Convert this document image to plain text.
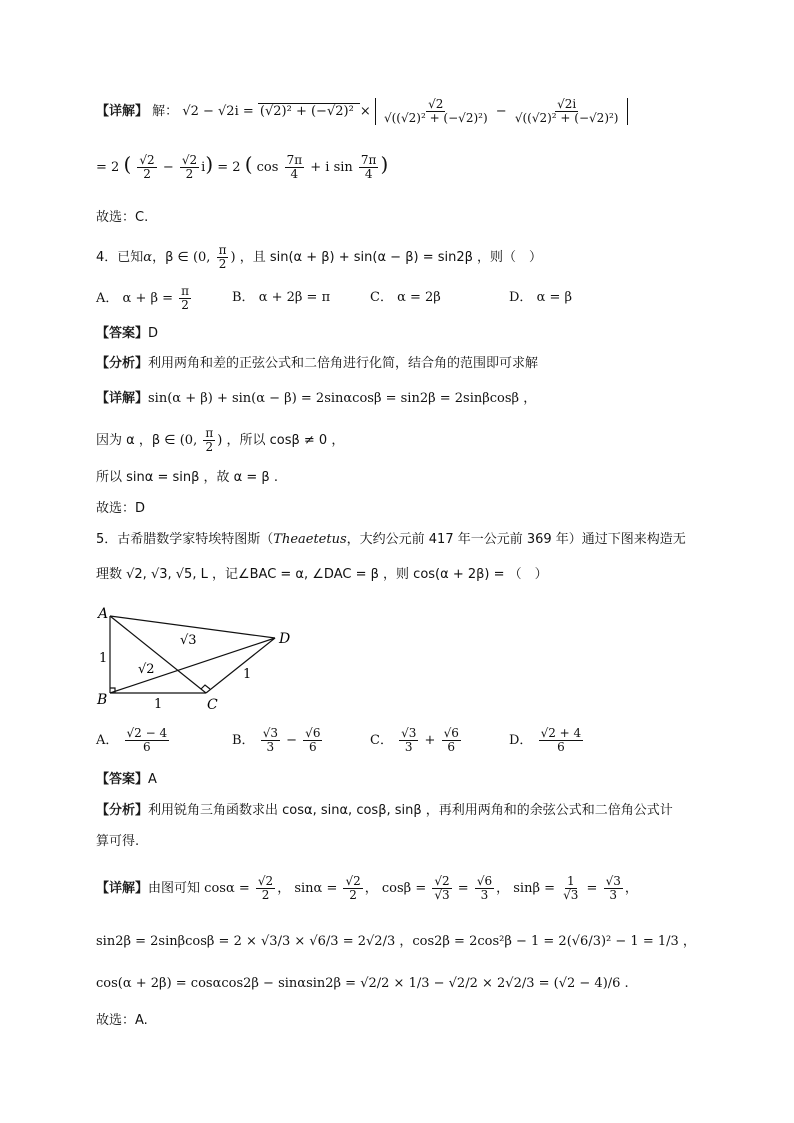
【详解】 解： $√2 - √2i = (√2)^2 + (-√2)^2 \times \frac{√2}{\text{√((√2)² + (−√2)²)}} - \frac{√2i}{\text{√((√2)² + (−√2)²)}}$
= 2 ( $\frac{√2}{2} - \frac{√2}{2} i) = 2$ ( $\cos \frac{7\pi}{4} + i$ $\sin \frac{7\pi}{4}$ )
故选：C.
4．已知α，β ∈ (0, $\frac{\pi}{2}$ ) ，且 sin(α + β) + sin(α − β) = sin2β ，则（　）
A． $\alpha + \beta = \frac{\pi}{2}$	B． α + 2β = π	C． α = 2β	D． α = β
【答案】D
【分析】利用两角和差的正弦公式和二倍角进行化简，结合角的范围即可求解
【详解】sin(α + β) + sin(α − β) = 2sinαcosβ = sin2β = 2sinβcosβ ，
因为 α ，β ∈ (0, $\frac{\pi}{2}$ ) ，所以 cosβ ≠ 0 ，
所以 sinα = sinβ ，故 α = β .
故选：D
5．古希腊数学家特埃特图斯（Theaetetus，大约公元前 417 年一公元前 369 年）通过下图来构造无
理数 √2, √3, √5, L ，记∠BAC = α, ∠DAC = β ，则 cos(α + 2β) = （　）
A
B	C
D
1
1
1
√2
√3
A． $\frac{√2 - 4}{6}$	B． $\frac{√3}{3} - \frac{√6}{6}$	C． $\frac{√3}{3} + \frac{√6}{6}$	D． $\frac{√2 + 4}{6}$
【答案】A
【分析】利用锐角三角函数求出 cosα, sinα, cosβ, sinβ ，再利用两角和的余弦公式和二倍角公式计
算可得.
【详解】由图可知 $\cos\alpha = \frac{√2}{2}$ ， $\sin\alpha = \frac{√2}{2}$ ， $\cos\beta = \frac{√2}{√3} = \frac{√6}{3}$ ， $\sin\beta = \frac{1}{√3} = \frac{√3}{3}$ ，
sin2β = 2sinβcosβ = 2 × √3/3 × √6/3 = 2√2/3 ，cos2β = 2cos²β − 1 = 2(√6/3)² − 1 = 1/3 ，
cos(α + 2β) = cosαcos2β − sinαsin2β = √2/2 × 1/3 − √2/2 × 2√2/3 = (√2 − 4)/6 .
故选：A.
